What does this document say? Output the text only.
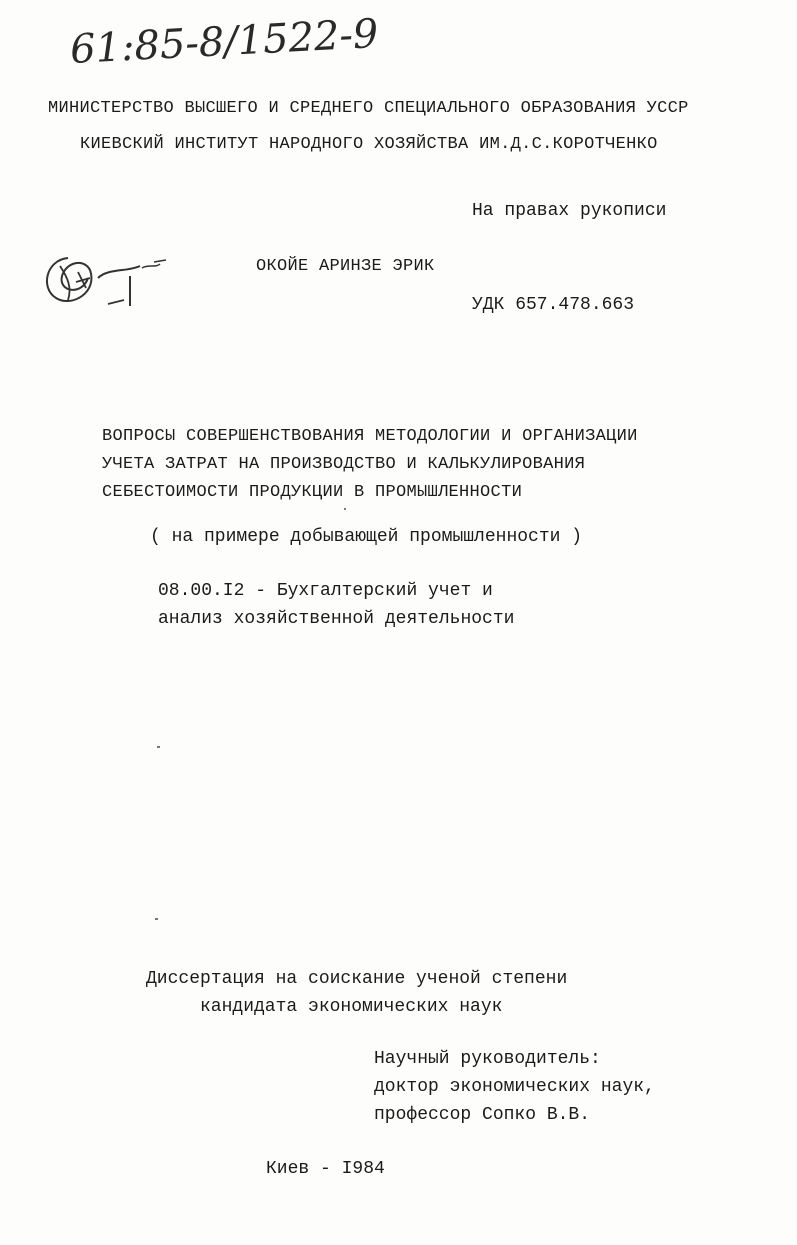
61:85-8/1522-9
МИНИСТЕРСТВО ВЫСШЕГО И СРЕДНЕГО СПЕЦИАЛЬНОГО ОБРАЗОВАНИЯ УССР
КИЕВСКИЙ ИНСТИТУТ НАРОДНОГО ХОЗЯЙСТВА ИМ.Д.С.КОРОТЧЕНКО
На правах рукописи
ОКОЙЕ АРИНЗЕ ЭРИК
УДК 657.478.663
ВОПРОСЫ СОВЕРШЕНСТВОВАНИЯ МЕТОДОЛОГИИ И ОРГАНИЗАЦИИ
УЧЕТА ЗАТРАТ НА ПРОИЗВОДСТВО И КАЛЬКУЛИРОВАНИЯ
СЕБЕСТОИМОСТИ ПРОДУКЦИИ В ПРОМЫШЛЕННОСТИ
( на примере добывающей промышленности )
08.00.I2 - Бухгалтерский учет и
анализ хозяйственной деятельности
Диссертация на соискание ученой степени
кандидата экономических наук
Научный руководитель:
доктор экономических наук,
профессор Сопко В.В.
Киев - I984
